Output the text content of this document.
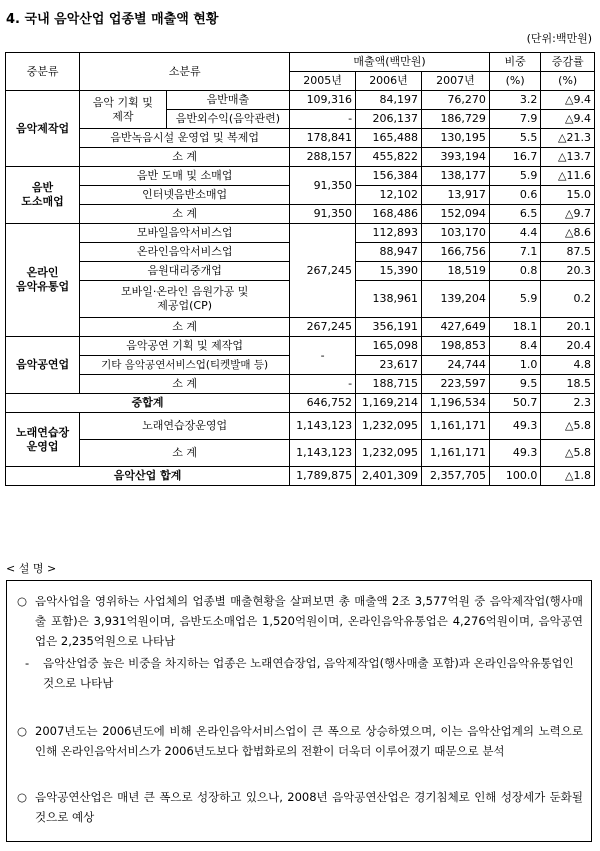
4. 국내 음악산업 업종별 매출액 현황
(단위:백만원)
중분류	소분류		매출액(백만원)			비중	증감률
			2005년	2006년	2007년	(%)	(%)
음악제작업	음악 기획 및
제작	음반매출	109,316	84,197	76,270	3.2	△9.4
		음반외수익(음악관련)	-	206,137	186,729	7.9	△9.4
	음반녹음시설 운영업 및 복제업		178,841	165,488	130,195	5.5	△21.3
	소 계		288,157	455,822	393,194	16.7	△13.7
음반
도소매업	음반 도매 및 소매업		91,350	156,384	138,177	5.9	△11.6
	인터넷음반소매업			12,102	13,917	0.6	15.0
	소 계		91,350	168,486	152,094	6.5	△9.7
온라인
음악유통업	모바일음악서비스업		267,245	112,893	103,170	4.4	△8.6
	온라인음악서비스업			88,947	166,756	7.1	87.5
	음원대리중개업			15,390	18,519	0.8	20.3
	모바일·온라인 음원가공 및
제공업(CP)			138,961	139,204	5.9	0.2
	소 계		267,245	356,191	427,649	18.1	20.1
음악공연업	음악공연 기획 및 제작업		-	165,098	198,853	8.4	20.4
	기타 음악공연서비스업(티켓발매 등)			23,617	24,744	1.0	4.8
	소 계		-	188,715	223,597	9.5	18.5
중합계			646,752	1,169,214	1,196,534	50.7	2.3
노래연습장
운영업	노래연습장운영업		1,143,123	1,232,095	1,161,171	49.3	△5.8
	소 계		1,143,123	1,232,095	1,161,171	49.3	△5.8
음악산업 합계			1,789,875	2,401,309	2,357,705	100.0	△1.8
< 설 명 >

○ 음악사업을 영위하는 사업체의 업종별 매출현황을 살펴보면 총 매출액 2조 3,577억원 중 음악제작업(행사매출 포함)은 3,931억원이며, 음반도소매업은 1,520억원이며, 온라인음악유통업은 4,276억원이며, 음악공연업은 2,235억원으로 나타남

-	음악산업중 높은 비중을 차지하는 업종은 노래연습장업, 음악제작업(행사매출 포함)과 온라인음악유통업인 것으로 나타남

○ 2007년도는 2006년도에 비해 온라인음악서비스업이 큰 폭으로 상승하였으며, 이는 음악산업계의 노력으로 인해 온라인음악서비스가 2006년도보다 합법화로의 전환이 더욱더 이루어졌기 때문으로 분석

○ 음악공연산업은 매년 큰 폭으로 성장하고 있으나, 2008년 음악공연산업은 경기침체로 인해 성장세가 둔화될 것으로 예상
